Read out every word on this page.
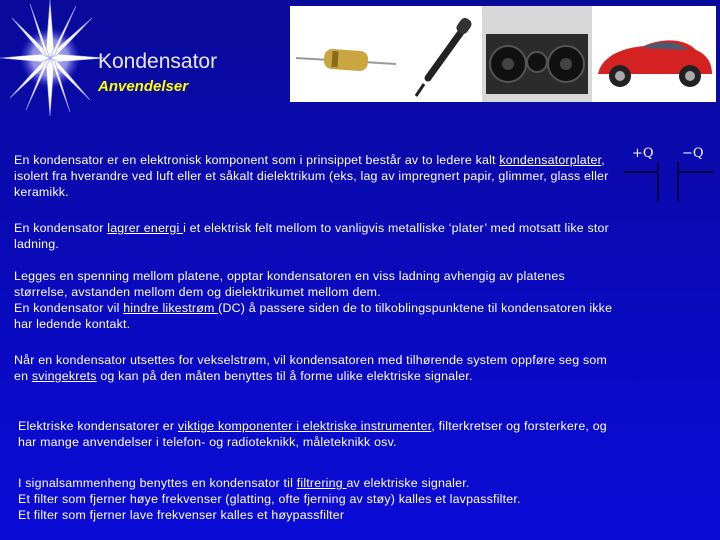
Kondensator
Anvendelser
+Q −Q
En kondensator er en elektronisk komponent som i prinsippet består av to ledere kalt kondensatorplater, isolert fra hverandre ved luft eller et såkalt dielektrikum (eks, lag av impregnert papir, glimmer, glass eller keramikk.
En kondensator lagrer energi i et elektrisk felt mellom to vanligvis metalliske ‘plater’ med motsatt like stor ladning.
Legges en spenning mellom platene, opptar kondensatoren en viss ladning avhengig av platenes størrelse, avstanden mellom dem og dielektrikumet mellom dem.
En kondensator vil hindre likestrøm (DC) å passere siden de to tilkoblingspunktene til kondensatoren ikke har ledende kontakt.
Når en kondensator utsettes for vekselstrøm, vil kondensatoren med tilhørende system oppføre seg som en svingekrets og kan på den måten benyttes til å forme ulike elektriske signaler.
Elektriske kondensatorer er viktige komponenter i elektriske instrumenter, filterkretser og forsterkere, og har mange anvendelser i telefon- og radioteknikk, måleteknikk osv.
I signalsammenheng benyttes en kondensator til filtrering av elektriske signaler.
Et filter som fjerner høye frekvenser (glatting, ofte fjerning av støy) kalles et lavpassfilter.
Et filter som fjerner lave frekvenser kalles et høypassfilter
